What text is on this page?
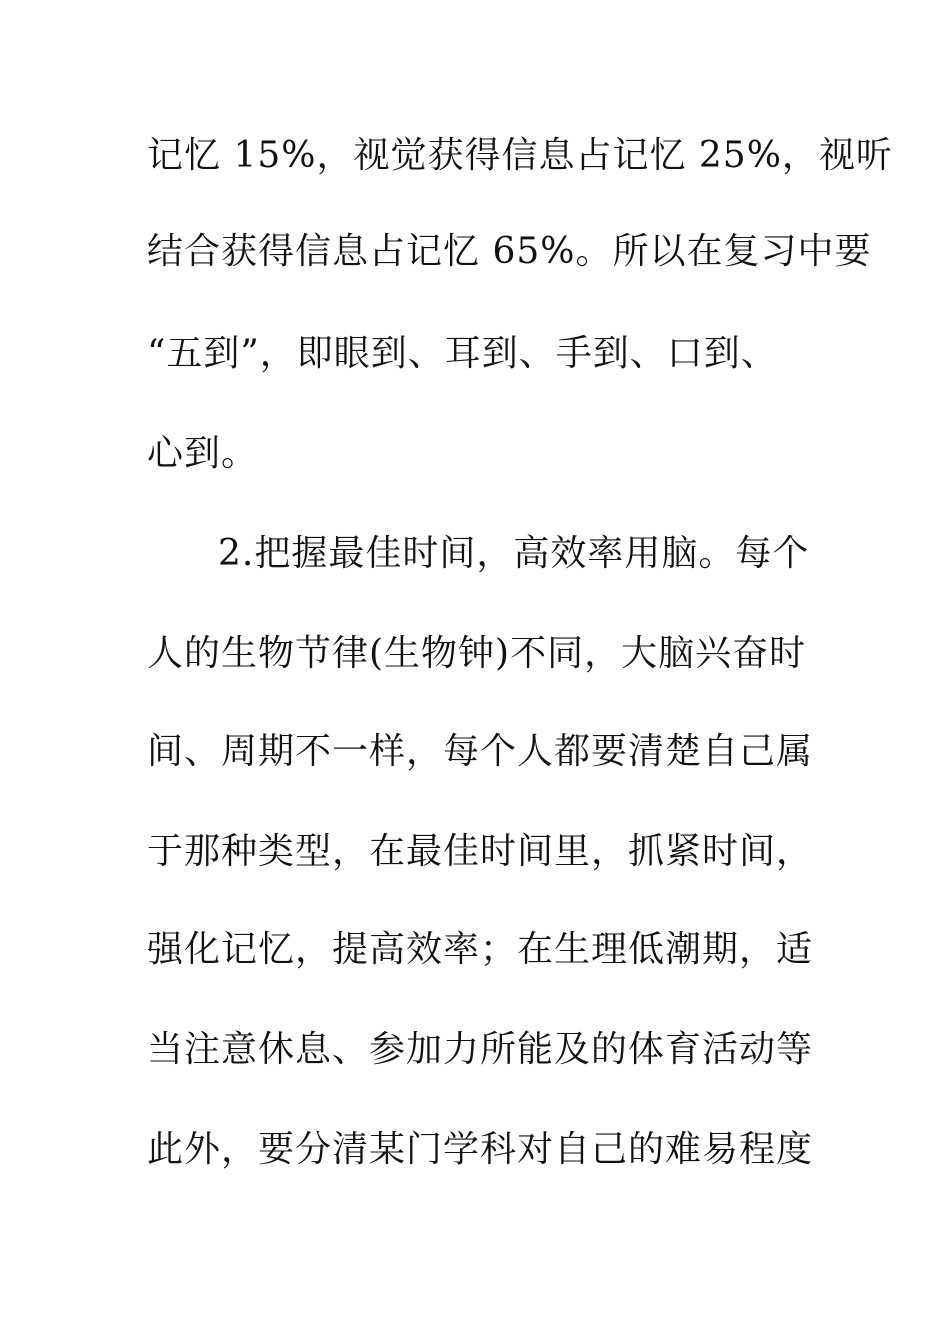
记忆 15%，视觉获得信息占记忆 25%，视听
结合获得信息占记忆 65%。所以在复习中要
“五到”，即眼到、耳到、手到、口到、
心到。
2.把握最佳时间，高效率用脑。每个
人的生物节律(生物钟)不同，大脑兴奋时
间、周期不一样，每个人都要清楚自己属
于那种类型，在最佳时间里，抓紧时间，
强化记忆，提高效率；在生理低潮期，适
当注意休息、参加力所能及的体育活动等
此外，要分清某门学科对自己的难易程度
